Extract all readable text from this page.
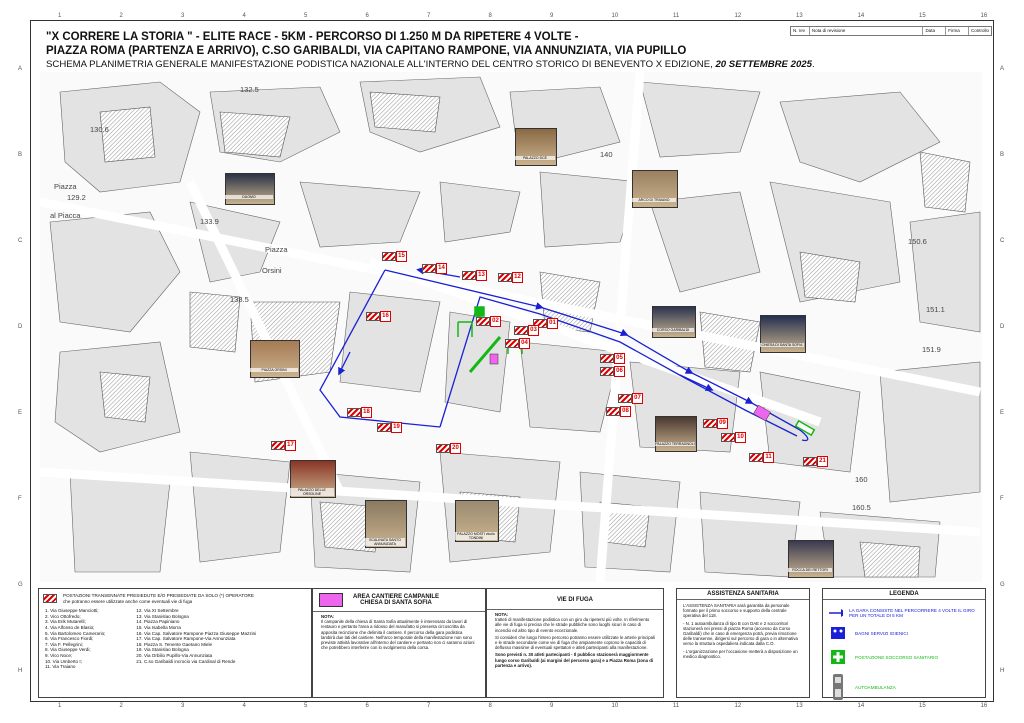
N. rev	Nota di revisione	Data	Firma	Controllo
"X CORRERE LA STORIA " - ELITE RACE - 5KM - PERCORSO DI 1.250 M DA RIPETERE 4 VOLTE -
PIAZZA ROMA (PARTENZA E ARRIVO), C.SO GARIBALDI, VIA CAPITANO RAMPONE, VIA ANNUNZIATA, VIA PUPILLO
SCHEMA PLANIMETRIA GENERALE MANIFESTAZIONE PODISTICA NAZIONALE ALL'INTERNO DEL CENTRO STORICO DI BENEVENTO X EDIZIONE, 20 SETTEMBRE 2025.
Piazza
129.2
al Piacca
Piazza
Orsini
130.6
133.9
138.5
132.5
140
150.6
151.1
151.9
160
160.5
01
02
03
04
05
06
07
08
09
10
11
12
13
14
15
16
17
18
19
20
21
DUOMO
PALAZZO DCE
ARCO DI TRAIANO
CORSO GARIBALDI
CHIESA DI SANTA SOFIA
PIAZZA ORSINI
PALAZZO TERRAGNOLI
PALAZZO DELLE ORSOLINE
SCALINATA SANTO ANNUNZIATA
PALAZZO MOSTI vicolo TONDINI
ROCCA DEI RETTORI
POSTAZIONI TRANSENNATE PRESIEDUTE E/O PRESIEDIATE DA SOLO (*) OPERATORE
che potranno essere utilizzate anche come eventuali vie di fuga
1. Via Giuseppe Manciotti;
2. Vico Ottofredo;
3. Via Erik Mutarelli;
4. Via Alfonso de Blasio;
5. Via Bartolomeo Camerario;
6. Via Francesco Fiordi;
7. Via F. Pellegrini;
8. Via Giuseppe Verdi;
9. Vico Noce;
10. Via Umberto I;
11. Via Traiano
12. Via XI Settembre
13. Via Stanislao Bologna
14. Piazza Papiniano
15. Via Isabella Morra
16. Via Cap. Salvatore Rampone Piazza Giuseppe Mazzini
17. Via Cap. Salvatore Rampone-Via Annunziata
18. Piazza S. Tenente Gaetano Miele
19. Via Stanislao Bologna
20. Via Orbilio Pupillo-Via Annunziata
21. C.so Garibaldi incrocio via Cardinal di Rende
AREA CANTIERE CAMPANILE
CHIESA DI SANTA SOFIA
NOTA:
Il campanile della chiesa di Santa Sofia attualmente è interessato da lavori di restauro e pertanto l'area a ridosso del manufatto si presenta circoscritta da apposita recinzione che delimita il cantiere. Il percorso della gara podistica lambirà due lati del cantiere. Nell'arco temporale della manifestazione non sono previste attività lavorative all'interno del cantiere e pertanto non ci saranno azioni che potrebbero interferire con lo svolgimento della corsa.
VIE DI FUGA
NOTA:
tratteti di manifestazione podistica con un giro da ripetersi più volte. In riferimento alle vie di fuga si precisa che le strade pubbliche sono luoghi sicuri in caso di incendio ed altro tipo di evento eccezionale.
Si consideri che lungo l'intero percorso potranno essere utilizzate le arterie principali e le strade secondarie come vie di fuga che ampiamente coprono le capacità di deflusso massime di eventuali spettatori e atleti partecipanti alla manifestazione.
Sono previsti n. 30 atleti partecipanti - Il pubblico stazionerà maggiormente lungo corso Garibaldi (ai margini del percorso gara) e a Piazza Roma (zona di partenza e arrivo).
ASSISTENZA SANITARIA
L'ASSISTENZA SANITARIA sarà garantita da personale formato per il primo soccorso e supporto della centrale operativa del 118.
- N. 1 autoambulanza di tipo B con DAE e 2 soccorritori stazionerà nei pressi di piazza Roma (accesso da Corso Garibaldi) che in caso di emergenza potrà, previa rimozione delle transenne, dirigersi sul percorso di gara o in alternativa verso la struttura ospedaliera indicata dalla C.O.
- L'organizzazione per l'occasione metterà a disposizione un medico diagnostico.
LEGENDA
LA GARA CONSISTE NEL PERCORRERE 4 VOLTE IL GIRO PER UN TOTALE DI 5 KM
BAGNI SERVIZI IGIENICI
POSTAZIONE SOCCORSO SANITARIO
AUTOAMBULANZA
1
1
2
2
3
3
4
4
5
5
6
6
7
7
8
8
9
9
10
10
11
11
12
12
13
13
14
14
15
15
16
16
A	A
B	B
C	C
D	D
E	E
F	F
G	G
H	H
